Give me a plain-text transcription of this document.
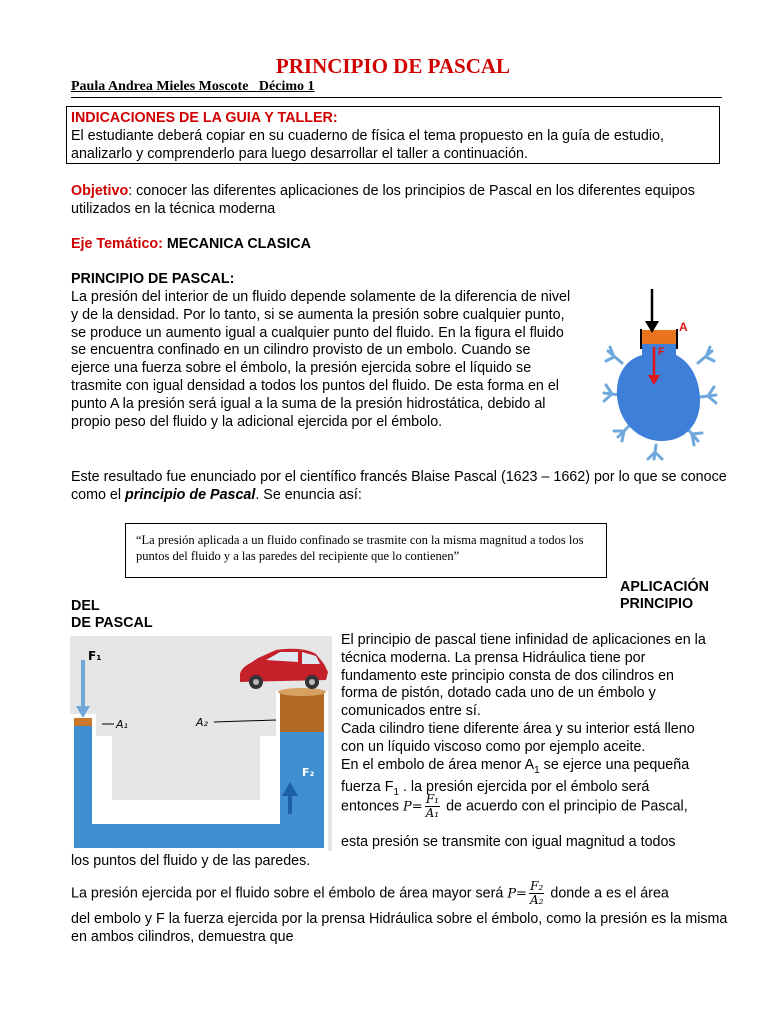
PRINCIPIO DE PASCAL
Paula Andrea Mieles Moscote   Décimo 1
INDICACIONES DE LA GUIA Y TALLER:
El estudiante deberá copiar en su cuaderno de física el tema propuesto en la guía de estudio, analizarlo y comprenderlo para luego desarrollar el taller a continuación.
Objetivo: conocer las diferentes aplicaciones de los principios de Pascal en los diferentes equipos utilizados en la técnica moderna
Eje Temático: MECANICA CLASICA
PRINCIPIO DE PASCAL:
La presión del interior de un fluido depende solamente de la diferencia de nivel y de la densidad. Por lo tanto, si se aumenta la presión sobre cualquier punto, se produce un aumento igual a cualquier punto del fluido. En la figura el fluido se encuentra confinado en un cilindro provisto de un embolo. Cuando se ejerce una fuerza sobre el émbolo, la presión ejercida sobre el líquido se trasmite con igual densidad a todos los puntos del fluido. De esta forma en el punto A la presión será igual a la suma de la presión hidrostática, debido al propio peso del fluido y la adicional ejercida por el émbolo.
A
F
Este resultado fue enunciado por el científico francés Blaise Pascal (1623 – 1662) por lo que se conoce como el principio de Pascal. Se enuncia así:
“La presión aplicada a un fluido confinado se trasmite con la misma magnitud a todos los puntos del fluido y a las paredes del recipiente que lo contienen”
APLICACIÓN PRINCIPIO
DEL
DE PASCAL
F₁
A₁	A₂
F₂
El principio de pascal tiene infinidad de aplicaciones en la técnica moderna. La prensa Hidráulica tiene por fundamento este principio consta de dos cilindros en forma de pistón, dotado cada uno de un émbolo y comunicados entre sí.
Cada cilindro tiene diferente área y su interior está lleno con un líquido viscoso como por ejemplo aceite.
En el embolo de área menor $A_1$ se ejerce una pequeña fuerza $F_1$ . la presión ejercida por el émbolo será
entonces $P= \frac{\text{F₁}}{\text{A₁}}$ de acuerdo con el principio de Pascal,
esta presión se transmite con igual magnitud a todos
los puntos del fluido y de las paredes.
La presión ejercida por el fluido sobre el émbolo de área mayor será $P= \frac{\text{F₂}}{\text{A₂}}$ donde a es el área
del embolo y F la fuerza ejercida por la prensa Hidráulica sobre el émbolo, como la presión es la misma en ambos cilindros, demuestra que
